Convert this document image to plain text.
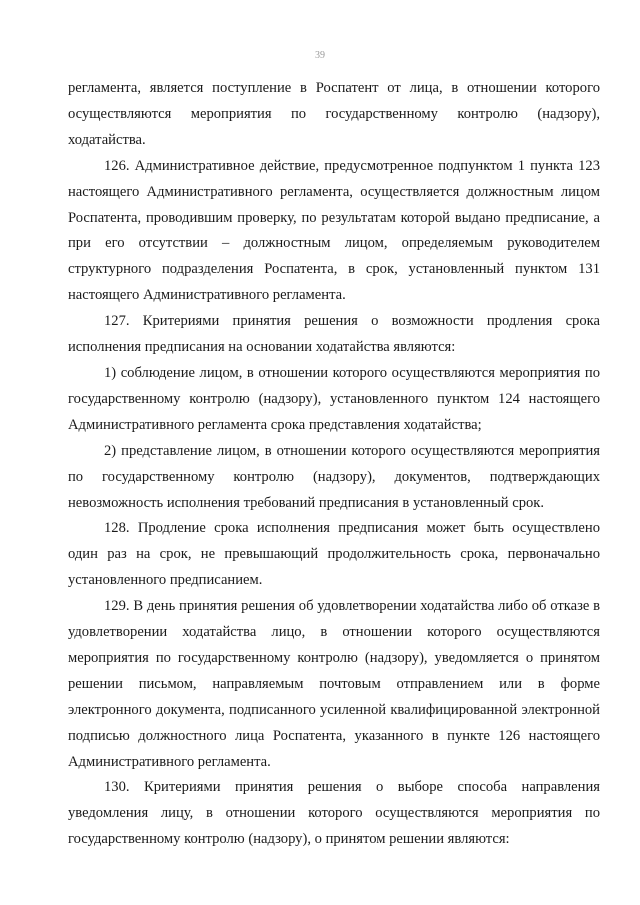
39

регламента, является поступление в Роспатент от лица, в отношении которого осуществляются мероприятия по государственному контролю (надзору), ходатайства.

126. Административное действие, предусмотренное подпунктом 1 пункта 123 настоящего Административного регламента, осуществляется должностным лицом Роспатента, проводившим проверку, по результатам которой выдано предписание, а при его отсутствии – должностным лицом, определяемым руководителем структурного подразделения Роспатента, в срок, установленный пунктом 131 настоящего Административного регламента.

127. Критериями принятия решения о возможности продления срока исполнения предписания на основании ходатайства являются:

1) соблюдение лицом, в отношении которого осуществляются мероприятия по государственному контролю (надзору), установленного пунктом 124 настоящего Административного регламента срока представления ходатайства;

2) представление лицом, в отношении которого осуществляются мероприятия по государственному контролю (надзору), документов, подтверждающих невозможность исполнения требований предписания в установленный срок.

128. Продление срока исполнения предписания может быть осуществлено один раз на срок, не превышающий продолжительность срока, первоначально установленного предписанием.

129. В день принятия решения об удовлетворении ходатайства либо об отказе в удовлетворении ходатайства лицо, в отношении которого осуществляются мероприятия по государственному контролю (надзору), уведомляется о принятом решении письмом, направляемым почтовым отправлением или в форме электронного документа, подписанного усиленной квалифицированной электронной подписью должностного лица Роспатента, указанного в пункте 126 настоящего Административного регламента.

130. Критериями принятия решения о выборе способа направления уведомления лицу, в отношении которого осуществляются мероприятия по государственному контролю (надзору), о принятом решении являются:
